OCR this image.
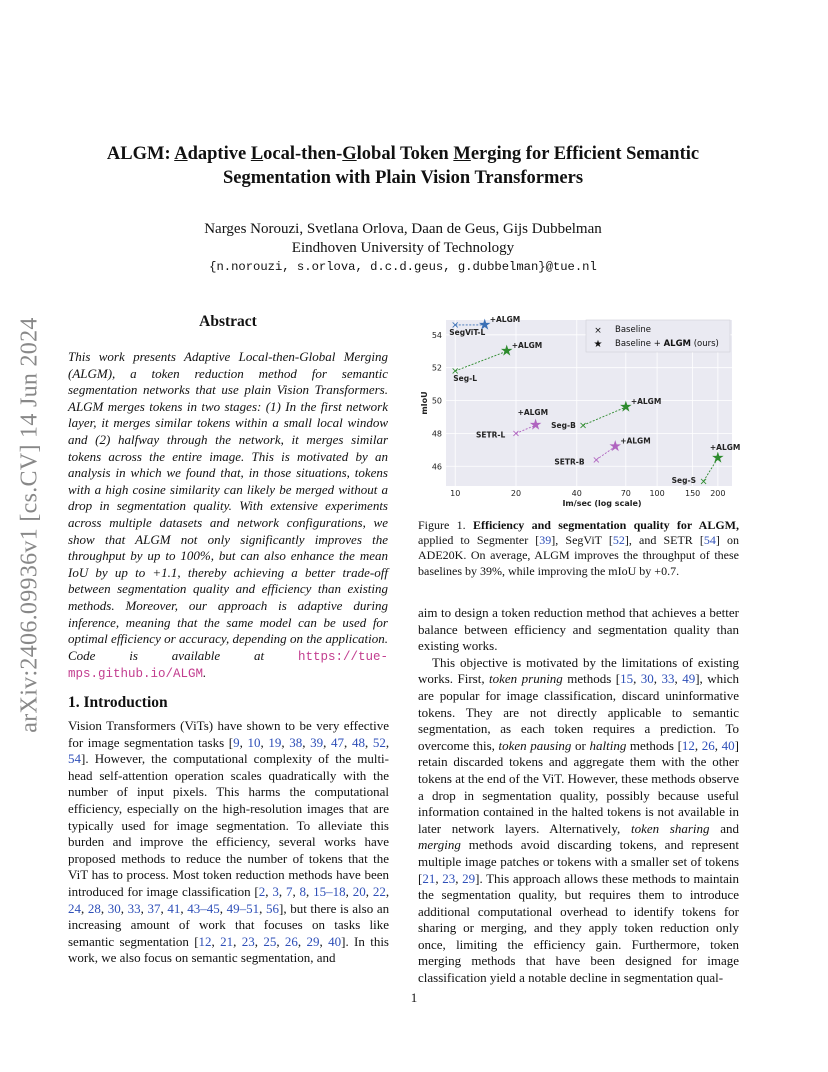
arXiv:2406.09936v1 [cs.CV] 14 Jun 2024
ALGM: Adaptive Local-then-Global Token Merging for Efficient Semantic
Segmentation with Plain Vision Transformers
Narges Norouzi, Svetlana Orlova, Daan de Geus, Gijs Dubbelman
Eindhoven University of Technology
{n.norouzi, s.orlova, d.c.d.geus, g.dubbelman}@tue.nl
Abstract
This work presents Adaptive Local-then-Global Merging (ALGM), a token reduction method for semantic segmentation networks that use plain Vision Transformers. ALGM merges tokens in two stages: (1) In the first network layer, it merges similar tokens within a small local window and (2) halfway through the network, it merges similar tokens across the entire image. This is motivated by an analysis in which we found that, in those situations, tokens with a high cosine similarity can likely be merged without a drop in segmentation quality. With extensive experiments across multiple datasets and network configurations, we show that ALGM not only significantly improves the throughput by up to 100%, but can also enhance the mean IoU by up to +1.1, thereby achieving a better trade-off between segmentation quality and efficiency than existing methods. Moreover, our approach is adaptive during inference, meaning that the same model can be used for optimal efficiency or accuracy, depending on the application. Code is available at https://tue-mps.github.io/ALGM.
1. Introduction
Vision Transformers (ViTs) have shown to be very effective for image segmentation tasks [9, 10, 19, 38, 39, 47, 48, 52, 54]. However, the computational complexity of the multi-head self-attention operation scales quadratically with the number of input pixels. This harms the computational efficiency, especially on the high-resolution images that are typically used for image segmentation. To alleviate this burden and improve the efficiency, several works have proposed methods to reduce the number of tokens that the ViT has to process. Most token reduction methods have been introduced for image classification [2, 3, 7, 8, 15–18, 20, 22, 24, 28, 30, 33, 37, 41, 43–45, 49–51, 56], but there is also an increasing amount of work that focuses on tasks like semantic segmentation [12, 21, 23, 25, 26, 29, 40]. In this work, we also focus on semantic segmentation, and
× ★
×
★
×
★	×
★
×
★
×
★
SegViT-L
+ALGM
Seg-L
+ALGM
SETR-L
+ALGM
Seg-B
+ALGM
SETR-B
+ALGM
Seg-S
+ALGM
10	20	40	70 100	150 200
46
48
50
52
54
Im/sec (log scale)
mIoU
× Baseline
★ Baseline + ALGM (ours)
Figure 1. Efficiency and segmentation quality for ALGM, applied to Segmenter [39], SegViT [52], and SETR [54] on ADE20K. On average, ALGM improves the throughput of these baselines by 39%, while improving the mIoU by +0.7.

aim to design a token reduction method that achieves a better balance between efficiency and segmentation quality than existing works.

This objective is motivated by the limitations of existing works. First, token pruning methods [15, 30, 33, 49], which are popular for image classification, discard uninformative tokens. They are not directly applicable to semantic segmentation, as each token requires a prediction. To overcome this, token pausing or halting methods [12, 26, 40] retain discarded tokens and aggregate them with the other tokens at the end of the ViT. However, these methods observe a drop in segmentation quality, possibly because useful information contained in the halted tokens is not available in later network layers. Alternatively, token sharing and merging methods avoid discarding tokens, and represent multiple image patches or tokens with a smaller set of tokens [21, 23, 29]. This approach allows these methods to maintain the segmentation quality, but requires them to introduce additional computational overhead to identify tokens for sharing or merging, and they apply token reduction only once, limiting the efficiency gain. Furthermore, token merging methods that have been designed for image classification yield a notable decline in segmentation qual-

1
